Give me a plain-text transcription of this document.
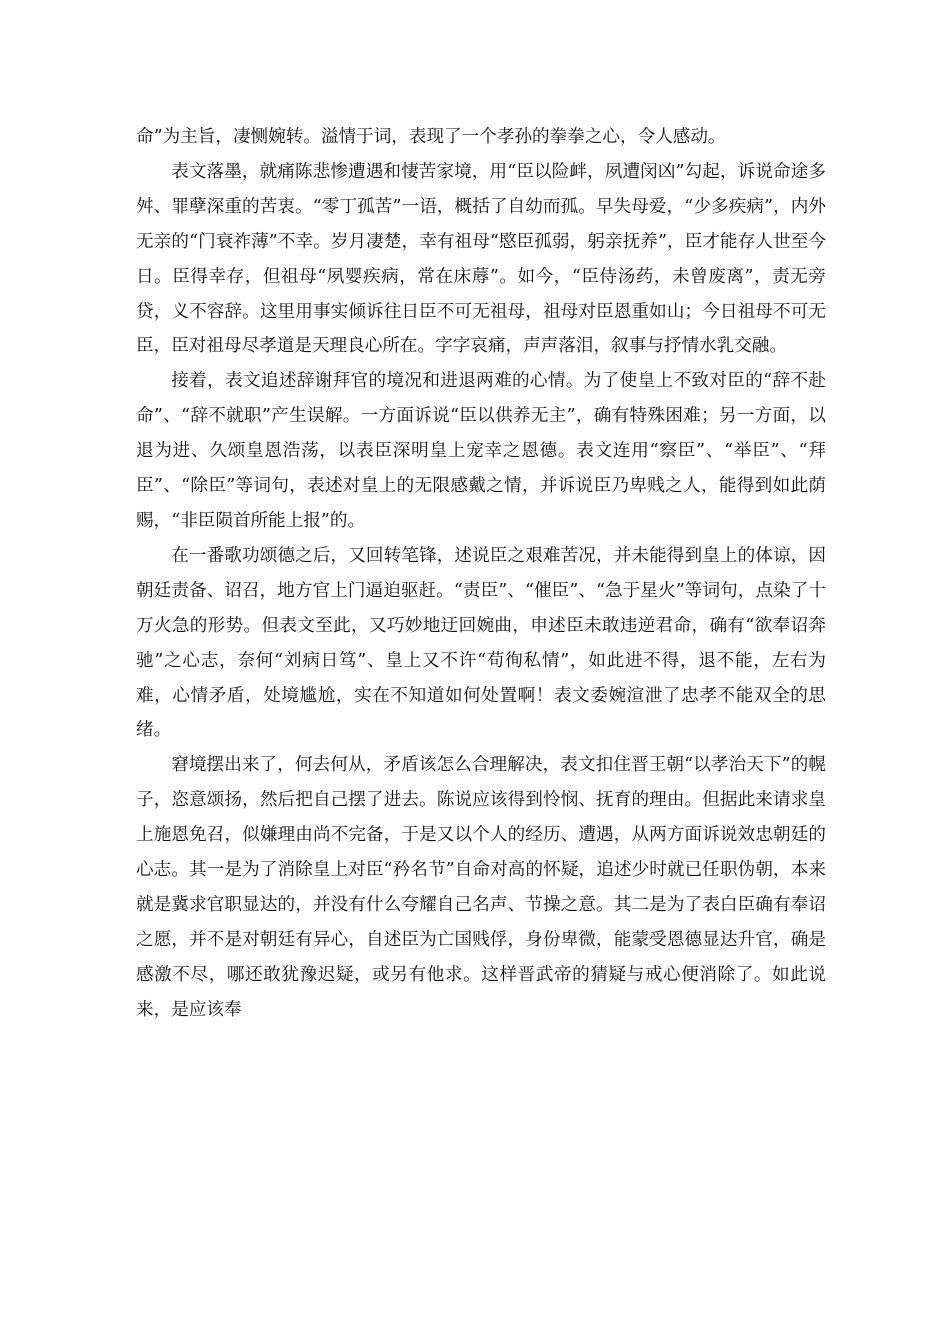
命”为主旨，凄恻婉转。溢情于词，表现了一个孝孙的拳拳之心，令人感动。

表文落墨，就痛陈悲惨遭遇和悽苦家境，用“臣以险衅，夙遭闵凶”勾起，诉说命途多舛、罪孽深重的苦衷。“零丁孤苦”一语，概括了自幼而孤。早失母爱，“少多疾病”，内外无亲的“门衰祚薄”不幸。岁月凄楚，幸有祖母“愍臣孤弱，躬亲抚养”，臣才能存人世至今日。臣得幸存，但祖母“夙婴疾病，常在床蓐”。如今，“臣侍汤药，未曾废离”，责无旁贷，义不容辞。这里用事实倾诉往日臣不可无祖母，祖母对臣恩重如山；今日祖母不可无臣，臣对祖母尽孝道是天理良心所在。字字哀痛，声声落泪，叙事与抒情水乳交融。

接着，表文追述辞谢拜官的境况和进退两难的心情。为了使皇上不致对臣的“辞不赴命”、“辞不就职”产生误解。一方面诉说“臣以供养无主”，确有特殊困难；另一方面，以退为进、久颂皇恩浩荡，以表臣深明皇上宠幸之恩德。表文连用“察臣”、“举臣”、“拜臣”、“除臣”等词句，表述对皇上的无限感戴之情，并诉说臣乃卑贱之人，能得到如此荫赐，“非臣陨首所能上报”的。

在一番歌功颂德之后，又回转笔锋，述说臣之艰难苦况，并未能得到皇上的体谅，因朝廷责备、诏召，地方官上门逼迫驱赶。“责臣”、“催臣”、“急于星火”等词句，点染了十万火急的形势。但表文至此，又巧妙地迂回婉曲，申述臣未敢违逆君命，确有“欲奉诏奔驰”之心志，奈何“刘病日笃”、皇上又不许“苟徇私情”，如此进不得，退不能，左右为难，心情矛盾，处境尴尬，实在不知道如何处置啊！表文委婉渲泄了忠孝不能双全的思绪。

窘境摆出来了，何去何从，矛盾该怎么合理解决，表文扣住晋王朝“以孝治天下”的幌子，恣意颂扬，然后把自己摆了进去。陈说应该得到怜悯、抚育的理由。但据此来请求皇上施恩免召，似嫌理由尚不完备，于是又以个人的经历、遭遇，从两方面诉说效忠朝廷的心志。其一是为了消除皇上对臣“矜名节”自命对高的怀疑，追述少时就已任职伪朝，本来就是冀求官职显达的，并没有什么夸耀自己名声、节操之意。其二是为了表白臣确有奉诏之愿，并不是对朝廷有异心，自述臣为亡国贱俘，身份卑微，能蒙受恩德显达升官，确是感激不尽，哪还敢犹豫迟疑，或另有他求。这样晋武帝的猜疑与戒心便消除了。如此说来，是应该奉
